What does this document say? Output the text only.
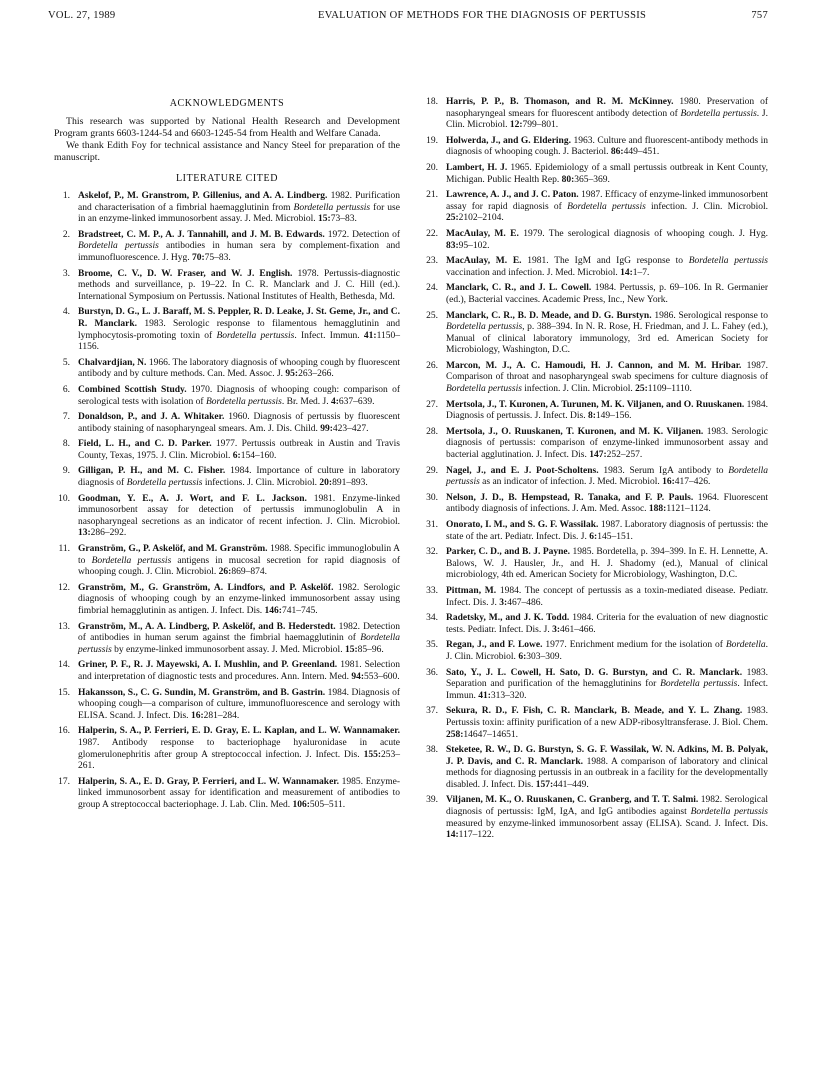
VOL. 27, 1989	EVALUATION OF METHODS FOR THE DIAGNOSIS OF PERTUSSIS	757
ACKNOWLEDGMENTS

This research was supported by National Health Research and Development Program grants 6603-1244-54 and 6603-1245-54 from Health and Welfare Canada.

We thank Edith Foy for technical assistance and Nancy Steel for preparation of the manuscript.

LITERATURE CITED
1. Askelof, P., M. Granstrom, P. Gillenius, and A. A. Lindberg. 1982. Purification and characterisation of a fimbrial haemagglutinin from Bordetella pertussis for use in an enzyme-linked immunosorbent assay. J. Med. Microbiol. 15:73–83.
2. Bradstreet, C. M. P., A. J. Tannahill, and J. M. B. Edwards. 1972. Detection of Bordetella pertussis antibodies in human sera by complement-fixation and immunofluorescence. J. Hyg. 70:75–83.
3. Broome, C. V., D. W. Fraser, and W. J. English. 1978. Pertussis-diagnostic methods and surveillance, p. 19–22. In C. R. Manclark and J. C. Hill (ed.). International Symposium on Pertussis. National Institutes of Health, Bethesda, Md.
4. Burstyn, D. G., L. J. Baraff, M. S. Peppler, R. D. Leake, J. St. Geme, Jr., and C. R. Manclark. 1983. Serologic response to filamentous hemagglutinin and lymphocytosis-promoting toxin of Bordetella pertussis. Infect. Immun. 41:1150–1156.
5. Chalvardjian, N. 1966. The laboratory diagnosis of whooping cough by fluorescent antibody and by culture methods. Can. Med. Assoc. J. 95:263–266.
6. Combined Scottish Study. 1970. Diagnosis of whooping cough: comparison of serological tests with isolation of Bordetella pertussis. Br. Med. J. 4:637–639.
7. Donaldson, P., and J. A. Whitaker. 1960. Diagnosis of pertussis by fluorescent antibody staining of nasopharyngeal smears. Am. J. Dis. Child. 99:423–427.
8. Field, L. H., and C. D. Parker. 1977. Pertussis outbreak in Austin and Travis County, Texas, 1975. J. Clin. Microbiol. 6:154–160.
9. Gilligan, P. H., and M. C. Fisher. 1984. Importance of culture in laboratory diagnosis of Bordetella pertussis infections. J. Clin. Microbiol. 20:891–893.
10. Goodman, Y. E., A. J. Wort, and F. L. Jackson. 1981. Enzyme-linked immunosorbent assay for detection of pertussis immunoglobulin A in nasopharyngeal secretions as an indicator of recent infection. J. Clin. Microbiol. 13:286–292.
11. Granström, G., P. Askelöf, and M. Granström. 1988. Specific immunoglobulin A to Bordetella pertussis antigens in mucosal secretion for rapid diagnosis of whooping cough. J. Clin. Microbiol. 26:869–874.
12. Granström, M., G. Granström, A. Lindfors, and P. Askelöf. 1982. Serologic diagnosis of whooping cough by an enzyme-linked immunosorbent assay using fimbrial hemagglutinin as antigen. J. Infect. Dis. 146:741–745.
13. Granström, M., A. A. Lindberg, P. Askelöf, and B. Hederstedt. 1982. Detection of antibodies in human serum against the fimbrial haemagglutinin of Bordetella pertussis by enzyme-linked immunosorbent assay. J. Med. Microbiol. 15:85–96.
14. Griner, P. F., R. J. Mayewski, A. I. Mushlin, and P. Greenland. 1981. Selection and interpretation of diagnostic tests and procedures. Ann. Intern. Med. 94:553–600.
15. Hakansson, S., C. G. Sundin, M. Granström, and B. Gastrin. 1984. Diagnosis of whooping cough—a comparison of culture, immunofluorescence and serology with ELISA. Scand. J. Infect. Dis. 16:281–284.
16. Halperin, S. A., P. Ferrieri, E. D. Gray, E. L. Kaplan, and L. W. Wannamaker. 1987. Antibody response to bacteriophage hyaluronidase in acute glomerulonephritis after group A streptococcal infection. J. Infect. Dis. 155:253–261.
17. Halperin, S. A., E. D. Gray, P. Ferrieri, and L. W. Wannamaker. 1985. Enzyme-linked immunosorbent assay for identification and measurement of antibodies to group A streptococcal bacteriophage. J. Lab. Clin. Med. 106:505–511.
18. Harris, P. P., B. Thomason, and R. M. McKinney. 1980. Preservation of nasopharyngeal smears for fluorescent antibody detection of Bordetella pertussis. J. Clin. Microbiol. 12:799–801.
19. Holwerda, J., and G. Eldering. 1963. Culture and fluorescent-antibody methods in diagnosis of whooping cough. J. Bacteriol. 86:449–451.
20. Lambert, H. J. 1965. Epidemiology of a small pertussis outbreak in Kent County, Michigan. Public Health Rep. 80:365–369.
21. Lawrence, A. J., and J. C. Paton. 1987. Efficacy of enzyme-linked immunosorbent assay for rapid diagnosis of Bordetella pertussis infection. J. Clin. Microbiol. 25:2102–2104.
22. MacAulay, M. E. 1979. The serological diagnosis of whooping cough. J. Hyg. 83:95–102.
23. MacAulay, M. E. 1981. The IgM and IgG response to Bordetella pertussis vaccination and infection. J. Med. Microbiol. 14:1–7.
24. Manclark, C. R., and J. L. Cowell. 1984. Pertussis, p. 69–106. In R. Germanier (ed.), Bacterial vaccines. Academic Press, Inc., New York.
25. Manclark, C. R., B. D. Meade, and D. G. Burstyn. 1986. Serological response to Bordetella pertussis, p. 388–394. In N. R. Rose, H. Friedman, and J. L. Fahey (ed.), Manual of clinical laboratory immunology, 3rd ed. American Society for Microbiology, Washington, D.C.
26. Marcon, M. J., A. C. Hamoudi, H. J. Cannon, and M. M. Hribar. 1987. Comparison of throat and nasopharyngeal swab specimens for culture diagnosis of Bordetella pertussis infection. J. Clin. Microbiol. 25:1109–1110.
27. Mertsola, J., T. Kuronen, A. Turunen, M. K. Viljanen, and O. Ruuskanen. 1984. Diagnosis of pertussis. J. Infect. Dis. 8:149–156.
28. Mertsola, J., O. Ruuskanen, T. Kuronen, and M. K. Viljanen. 1983. Serologic diagnosis of pertussis: comparison of enzyme-linked immunosorbent assay and bacterial agglutination. J. Infect. Dis. 147:252–257.
29. Nagel, J., and E. J. Poot-Scholtens. 1983. Serum IgA antibody to Bordetella pertussis as an indicator of infection. J. Med. Microbiol. 16:417–426.
30. Nelson, J. D., B. Hempstead, R. Tanaka, and F. P. Pauls. 1964. Fluorescent antibody diagnosis of infections. J. Am. Med. Assoc. 188:1121–1124.
31. Onorato, I. M., and S. G. F. Wassilak. 1987. Laboratory diagnosis of pertussis: the state of the art. Pediatr. Infect. Dis. J. 6:145–151.
32. Parker, C. D., and B. J. Payne. 1985. Bordetella, p. 394–399. In E. H. Lennette, A. Balows, W. J. Hausler, Jr., and H. J. Shadomy (ed.), Manual of clinical microbiology, 4th ed. American Society for Microbiology, Washington, D.C.
33. Pittman, M. 1984. The concept of pertussis as a toxin-mediated disease. Pediatr. Infect. Dis. J. 3:467–486.
34. Radetsky, M., and J. K. Todd. 1984. Criteria for the evaluation of new diagnostic tests. Pediatr. Infect. Dis. J. 3:461–466.
35. Regan, J., and F. Lowe. 1977. Enrichment medium for the isolation of Bordetella. J. Clin. Microbiol. 6:303–309.
36. Sato, Y., J. L. Cowell, H. Sato, D. G. Burstyn, and C. R. Manclark. 1983. Separation and purification of the hemagglutinins for Bordetella pertussis. Infect. Immun. 41:313–320.
37. Sekura, R. D., F. Fish, C. R. Manclark, B. Meade, and Y. L. Zhang. 1983. Pertussis toxin: affinity purification of a new ADP-ribosyltransferase. J. Biol. Chem. 258:14647–14651.
38. Steketee, R. W., D. G. Burstyn, S. G. F. Wassilak, W. N. Adkins, M. B. Polyak, J. P. Davis, and C. R. Manclark. 1988. A comparison of laboratory and clinical methods for diagnosing pertussis in an outbreak in a facility for the developmentally disabled. J. Infect. Dis. 157:441–449.
39. Viljanen, M. K., O. Ruuskanen, C. Granberg, and T. T. Salmi. 1982. Serological diagnosis of pertussis: IgM, IgA, and IgG antibodies against Bordetella pertussis measured by enzyme-linked immunosorbent assay (ELISA). Scand. J. Infect. Dis. 14:117–122.
